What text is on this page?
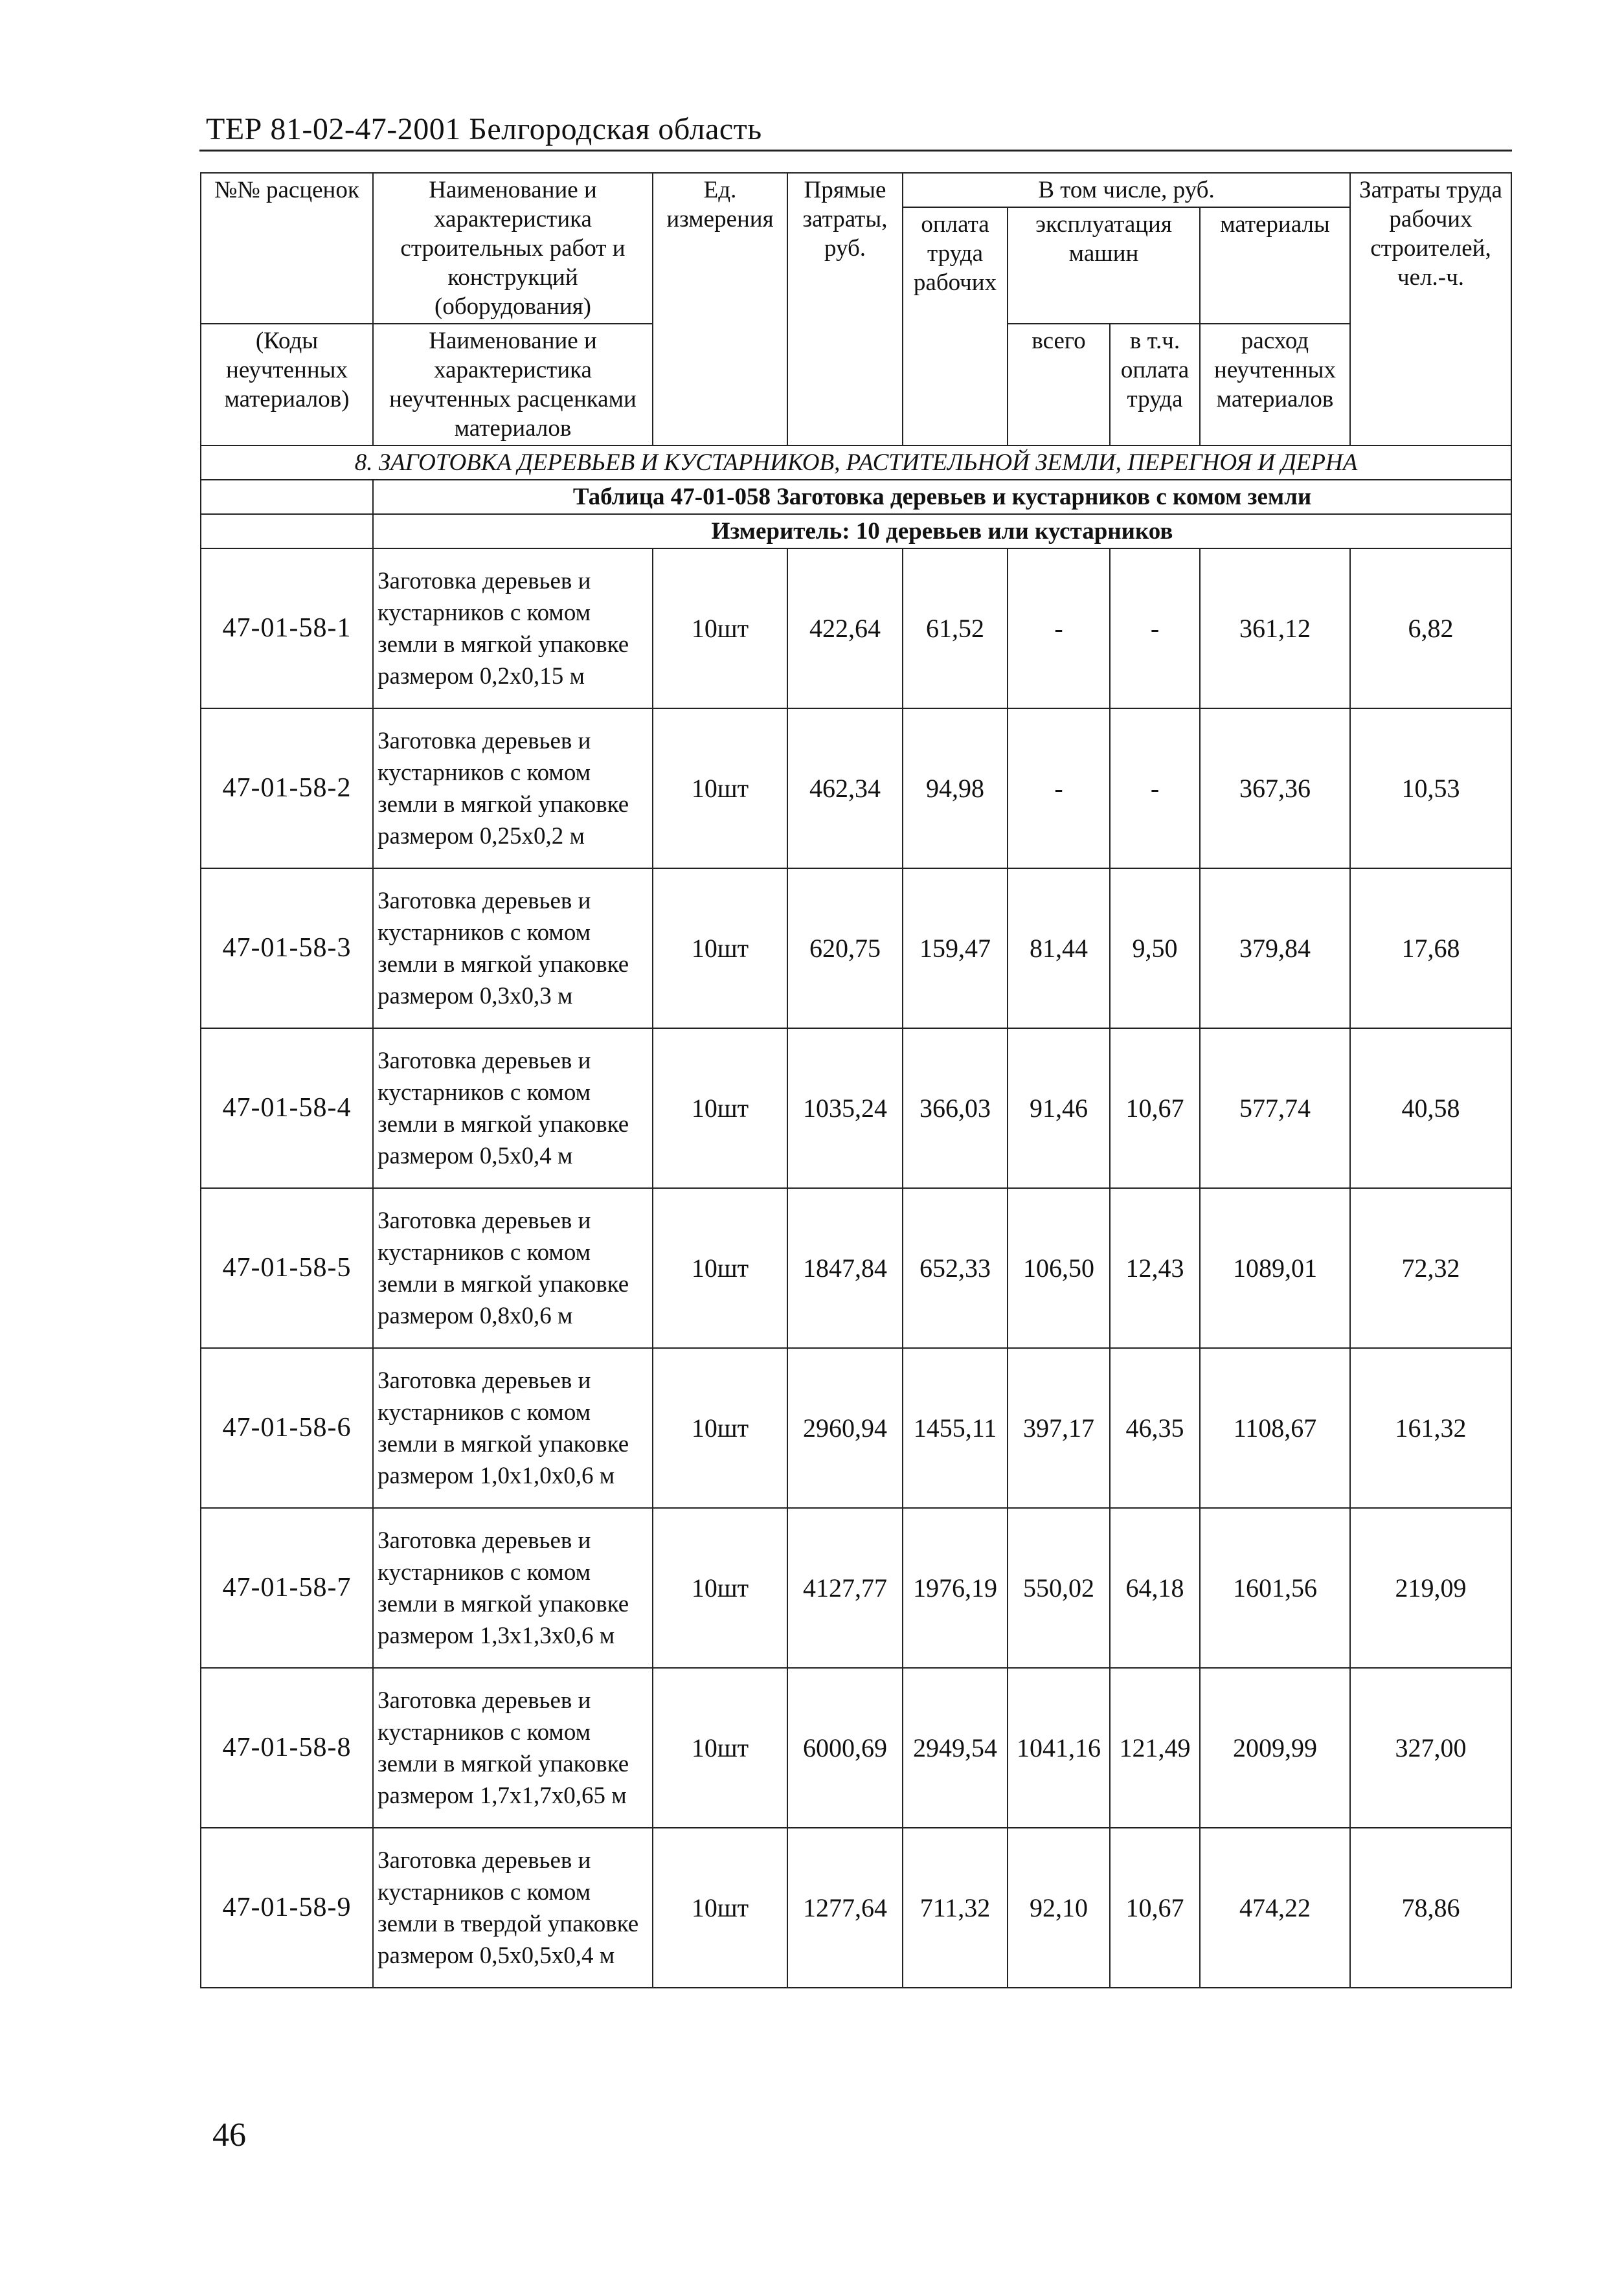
ТЕР 81-02-47-2001 Белгородская область
№№ расценок	Наименование и характеристика строительных работ и конструкций (оборудования)	Ед. измерения	Прямые затраты, руб.	В том числе, руб.				Затраты труда рабочих строителей, чел.-ч.
				оплата труда рабочих	эксплуатация машин		материалы	
(Коды неучтенных материалов)	Наименование и характеристика неучтенных расценками материалов				всего	в т.ч. оплата труда	расход неучтенных материалов	
8. ЗАГОТОВКА ДЕРЕВЬЕВ И КУСТАРНИКОВ, РАСТИТЕЛЬНОЙ ЗЕМЛИ, ПЕРЕГНОЯ И ДЕРНА								
	Таблица 47-01-058 Заготовка деревьев и кустарников с комом земли							
	Измеритель: 10 деревьев или кустарников							
47-01-58-1	Заготовка деревьев и кустарников с комом земли в мягкой упаковке размером 0,2х0,15 м	10шт	422,64	61,52	-	-	361,12	6,82
47-01-58-2	Заготовка деревьев и кустарников с комом земли в мягкой упаковке размером 0,25х0,2 м	10шт	462,34	94,98	-	-	367,36	10,53
47-01-58-3	Заготовка деревьев и кустарников с комом земли в мягкой упаковке размером 0,3х0,3 м	10шт	620,75	159,47	81,44	9,50	379,84	17,68
47-01-58-4	Заготовка деревьев и кустарников с комом земли в мягкой упаковке размером 0,5х0,4 м	10шт	1035,24	366,03	91,46	10,67	577,74	40,58
47-01-58-5	Заготовка деревьев и кустарников с комом земли в мягкой упаковке размером 0,8х0,6 м	10шт	1847,84	652,33	106,50	12,43	1089,01	72,32
47-01-58-6	Заготовка деревьев и кустарников с комом земли в мягкой упаковке размером 1,0х1,0х0,6 м	10шт	2960,94	1455,11	397,17	46,35	1108,67	161,32
47-01-58-7	Заготовка деревьев и кустарников с комом земли в мягкой упаковке размером 1,3х1,3х0,6 м	10шт	4127,77	1976,19	550,02	64,18	1601,56	219,09
47-01-58-8	Заготовка деревьев и кустарников с комом земли в мягкой упаковке размером 1,7х1,7х0,65 м	10шт	6000,69	2949,54	1041,16	121,49	2009,99	327,00
47-01-58-9	Заготовка деревьев и кустарников с комом земли в твердой упаковке размером 0,5х0,5х0,4 м	10шт	1277,64	711,32	92,10	10,67	474,22	78,86
46
